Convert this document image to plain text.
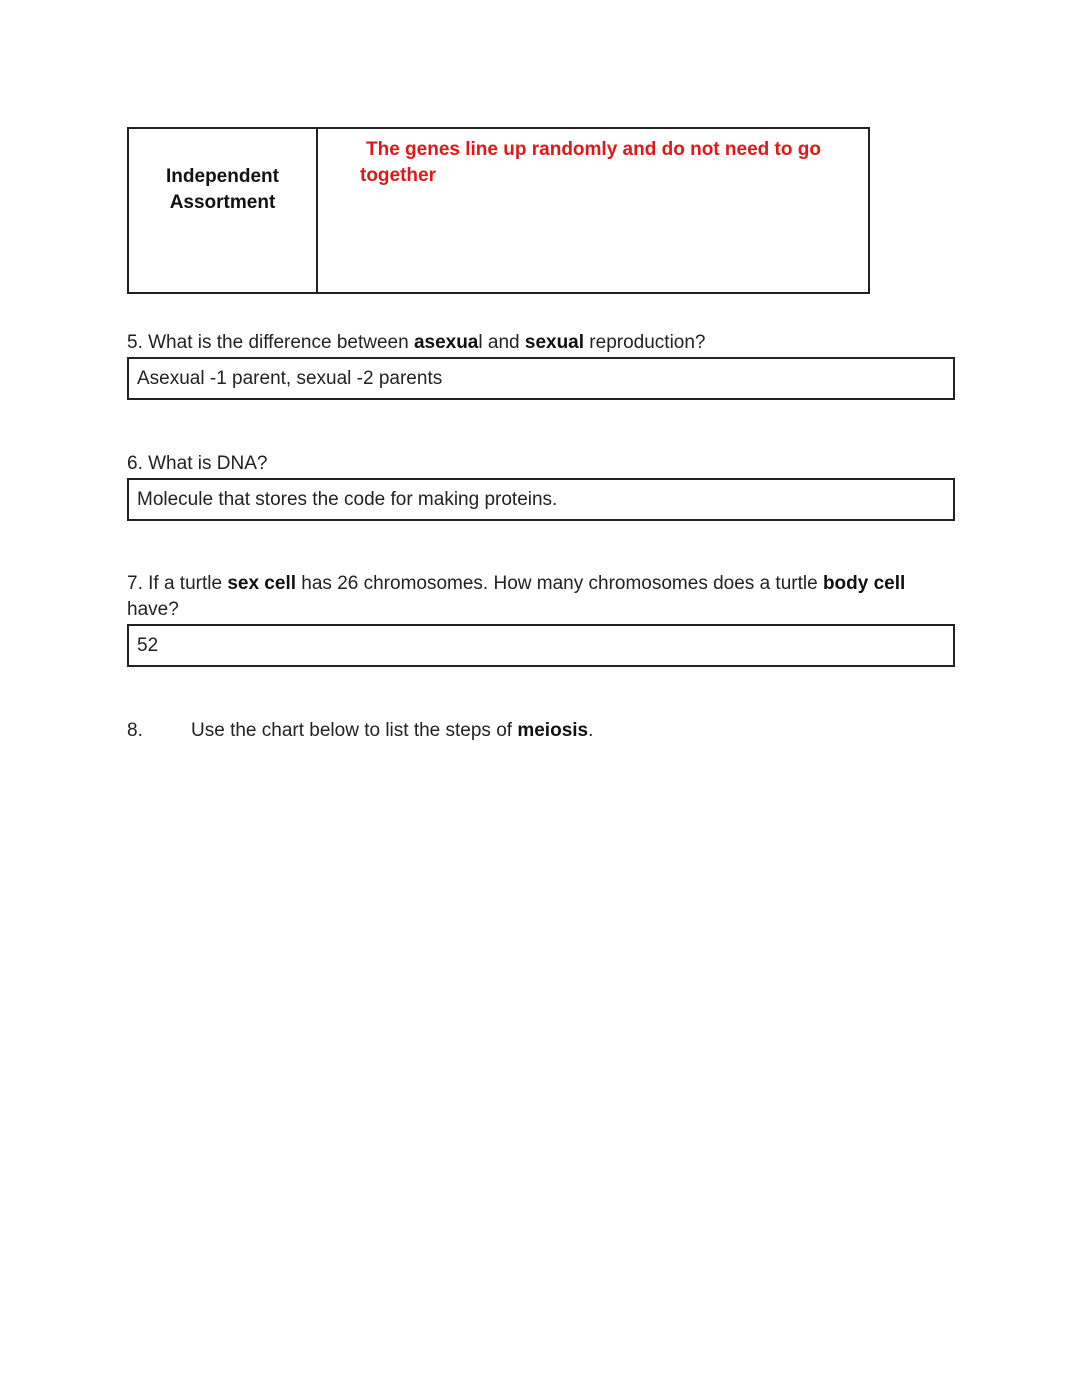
Independent
Assortment

The genes line up randomly and do not need to go

together

5. What is the difference between asexual and sexual reproduction?

Asexual -1 parent, sexual -2 parents

6. What is DNA?

Molecule that stores the code for making proteins.

7. If a turtle sex cell has 26 chromosomes. How many chromosomes does a turtle body cell
have?

52
8.	Use the chart below to list the steps of meiosis.
